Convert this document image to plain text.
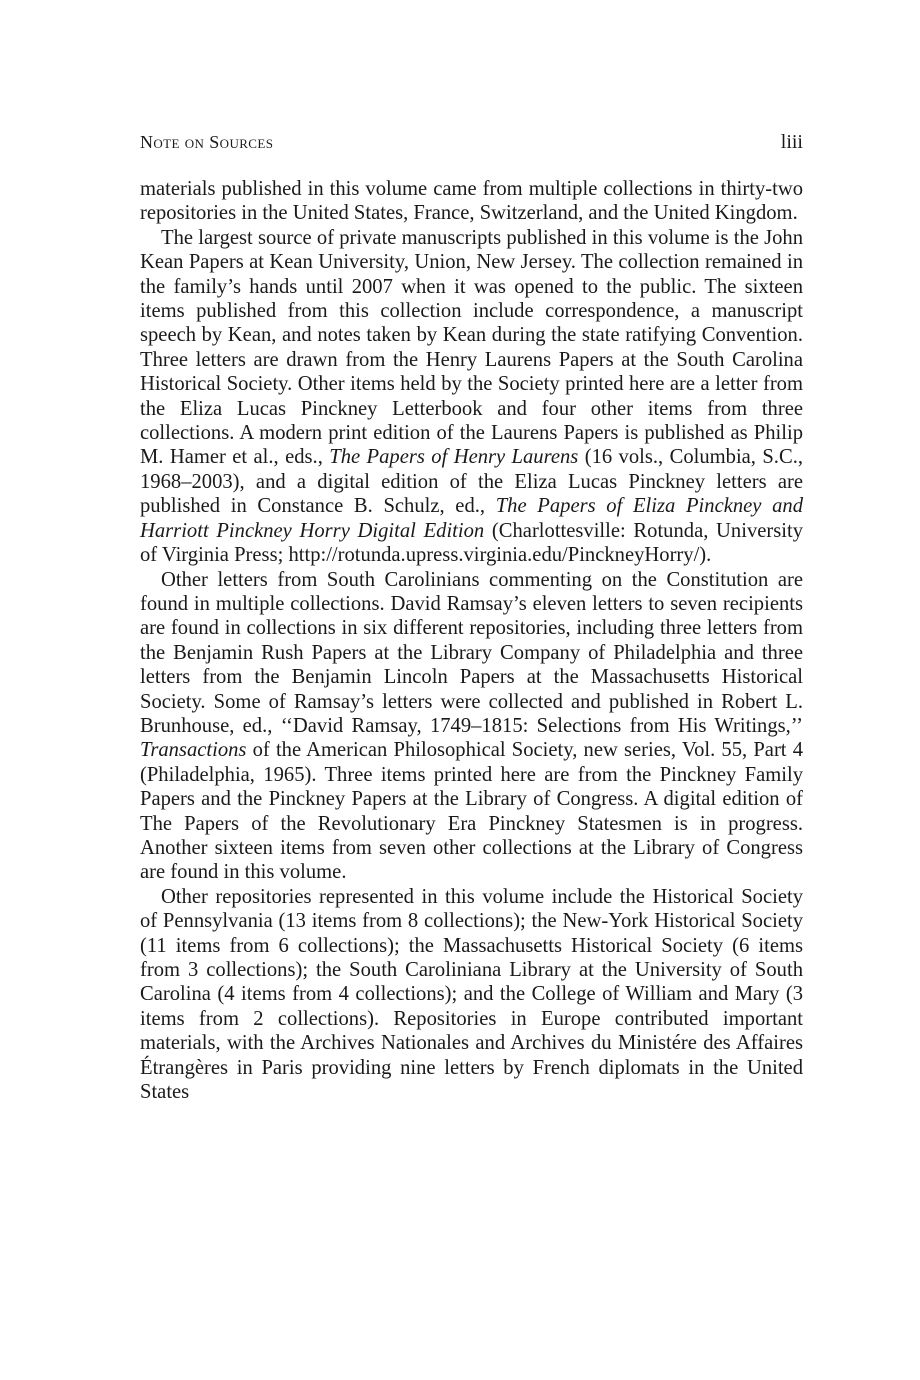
Note on Sources	liii

materials published in this volume came from multiple collections in thirty-two repositories in the United States, France, Switzerland, and the United Kingdom.

The largest source of private manuscripts published in this volume is the John Kean Papers at Kean University, Union, New Jersey. The collection remained in the family’s hands until 2007 when it was opened to the public. The sixteen items published from this collection include correspondence, a manuscript speech by Kean, and notes taken by Kean during the state ratifying Convention. Three letters are drawn from the Henry Laurens Papers at the South Carolina Historical Society. Other items held by the Society printed here are a letter from the Eliza Lucas Pinckney Letterbook and four other items from three collections. A modern print edition of the Laurens Papers is published as Philip M. Hamer et al., eds., The Papers of Henry Laurens (16 vols., Columbia, S.C., 1968–2003), and a digital edition of the Eliza Lucas Pinckney letters are published in Constance B. Schulz, ed., The Papers of Eliza Pinckney and Harriott Pinckney Horry Digital Edition (Charlottesville: Rotunda, University of Virginia Press; http://rotunda.upress.virginia.edu/PinckneyHorry/).

Other letters from South Carolinians commenting on the Constitution are found in multiple collections. David Ramsay’s eleven letters to seven recipients are found in collections in six different repositories, including three letters from the Benjamin Rush Papers at the Library Company of Philadelphia and three letters from the Benjamin Lincoln Papers at the Massachusetts Historical Society. Some of Ramsay’s letters were collected and published in Robert L. Brunhouse, ed., ‘‘David Ramsay, 1749–1815: Selections from His Writings,’’ Transactions of the American Philosophical Society, new series, Vol. 55, Part 4 (Philadelphia, 1965). Three items printed here are from the Pinckney Family Papers and the Pinckney Papers at the Library of Congress. A digital edition of The Papers of the Revolutionary Era Pinckney Statesmen is in progress. Another sixteen items from seven other collections at the Library of Congress are found in this volume.

Other repositories represented in this volume include the Historical Society of Pennsylvania (13 items from 8 collections); the New-York Historical Society (11 items from 6 collections); the Massachusetts Historical Society (6 items from 3 collections); the South Caroliniana Library at the University of South Carolina (4 items from 4 collections); and the College of William and Mary (3 items from 2 collections). Repositories in Europe contributed important materials, with the Archives Nationales and Archives du Ministére des Affaires Étrangères in Paris providing nine letters by French diplomats in the United States
